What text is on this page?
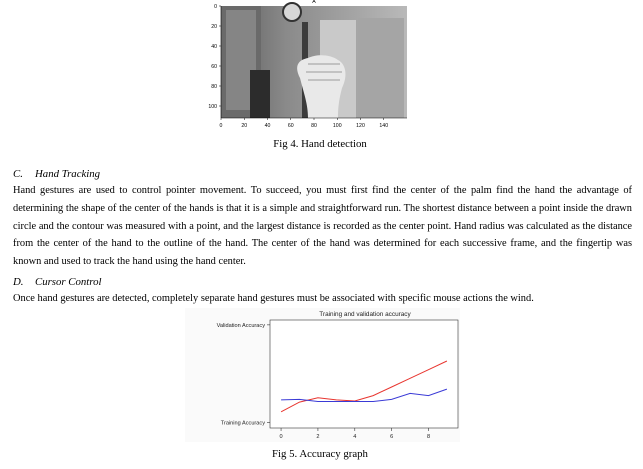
0
20
40
60
80
100
0	20	40	60	80	100	120	140
A
Fig 4. Hand detection
C. Hand Tracking
Hand gestures are used to control pointer movement. To succeed, you must first find the center of the palm find the hand the advantage of determining the shape of the center of the hands is that it is a simple and straightforward run. The shortest distance between a point inside the drawn circle and the contour was measured with a point, and the largest distance is recorded as the center point. Hand radius was calculated as the distance from the center of the hand to the outline of the hand. The center of the hand was determined for each successive frame, and the fingertip was known and used to track the hand using the hand center.
D. Cursor Control
Once hand gestures are detected, completely separate hand gestures must be associated with specific mouse actions the wind.
Training and validation accuracy
Validation Accuracy
Training Accuracy
0	2	4	6	8
Fig 5. Accuracy graph
